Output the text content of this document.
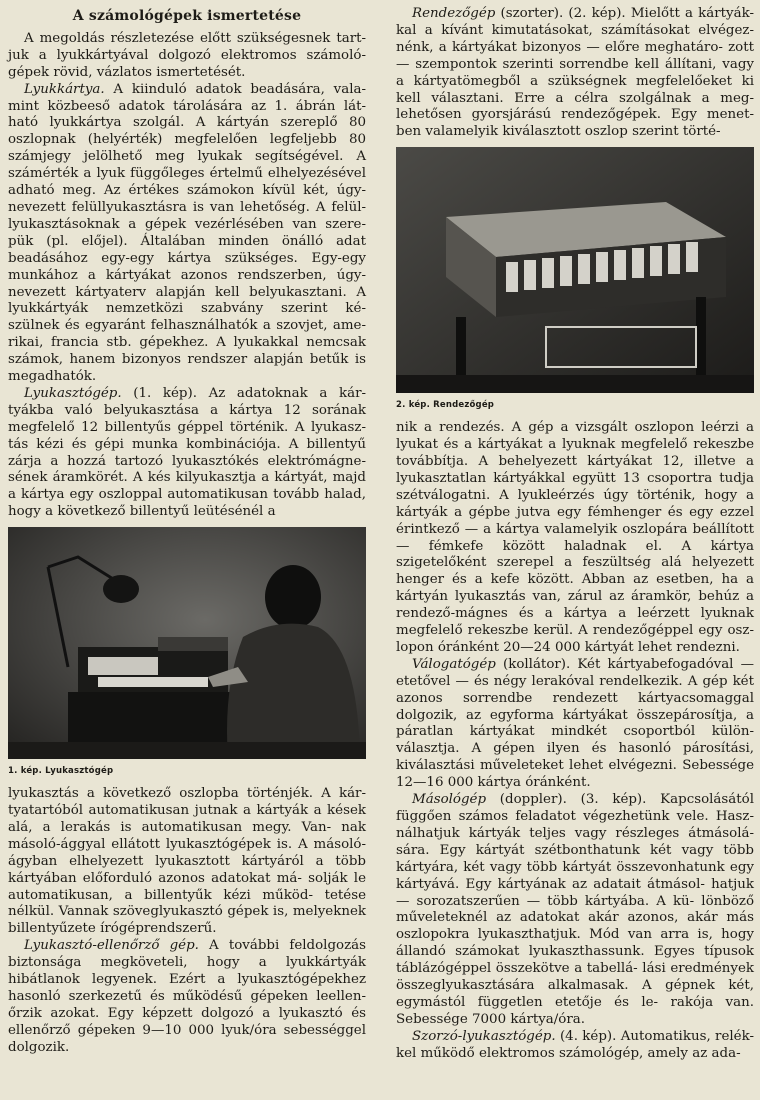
A számológépek ismertetése

A megoldás részletezése előtt szükségesnek tart- juk a lyukkártyával dolgozó elektromos számoló- gépek rövid, vázlatos ismertetését.

Lyukkártya. A kiinduló adatok beadására, vala- mint közbeeső adatok tárolására az 1. ábrán lát- ható lyukkártya szolgál. A kártyán szereplő 80 oszlopnak (helyérték) megfelelően legfeljebb 80 számjegy jelölhető meg lyukak segítségével. A számérték a lyuk függőleges értelmű elhelyezésével adható meg. Az értékes számokon kívül két, úgy- nevezett felüllyukasztásra is van lehetőség. A felül- lyukasztásoknak a gépek vezérlésében van szere- pük (pl. előjel). Általában minden önálló adat beadásához egy-egy kártya szükséges. Egy-egy munkához a kártyákat azonos rendszerben, úgy- nevezett kártyaterv alapján kell belyukasztani. A lyukkártyák nemzetközi szabvány szerint ké- szülnek és egyaránt felhasználhatók a szovjet, ame- rikai, francia stb. gépekhez. A lyukakkal nemcsak számok, hanem bizonyos rendszer alapján betűk is megadhatók.

Lyukasztógép. (1. kép). Az adatoknak a kár- tyákba való belyukasztása a kártya 12 sorának megfelelő 12 billentyűs géppel történik. A lyukasz- tás kézi és gépi munka kombinációja. A billentyű zárja a hozzá tartozó lyukasztókés elektrómágne- sének áramkörét. A kés kilyukasztja a kártyát, majd a kártya egy oszloppal automatikusan tovább halad, hogy a következő billentyű leütésénél a

1. kép. Lyukasztógép

lyukasztás a következő oszlopba történjék. A kár- tyatartóból automatikusan jutnak a kártyák a kések alá, a lerakás is automatikusan megy. Van- nak másoló-ággyal ellátott lyukasztógépek is. A másoló-ágyban elhelyezett lyukasztott kártyáról a több kártyában előforduló azonos adatokat má- solják le automatikusan, a billentyűk kézi működ- tetése nélkül. Vannak szöveglyukasztó gépek is, melyeknek billentyűzete írógéprendszerű.

Lyukasztó-ellenőrző gép. A további feldolgozás biztonsága megköveteli, hogy a lyukkártyák hibátlanok legyenek. Ezért a lyukasztógépekhez hasonló szerkezetű és működésű gépeken leellen- őrzik azokat. Egy képzett dolgozó a lyukasztó és ellenőrző gépeken 9—10 000 lyuk/óra sebességgel dolgozik.

Rendezőgép (szorter). (2. kép). Mielőtt a kártyák- kal a kívánt kimutatásokat, számításokat elvégez- nénk, a kártyákat bizonyos — előre meghatáro- zott — szempontok szerinti sorrendbe kell állítani, vagy a kártyatömegből a szükségnek megfelelőeket ki kell választani. Erre a célra szolgálnak a meg- lehetősen gyorsjárású rendezőgépek. Egy menet- ben valamelyik kiválasztott oszlop szerint törté-

2. kép. Rendezőgép

nik a rendezés. A gép a vizsgált oszlopon leérzi a lyukat és a kártyákat a lyuknak megfelelő rekeszbe továbbítja. A behelyezett kártyákat 12, illetve a lyukasztatlan kártyákkal együtt 13 csoportra tudja szétválogatni. A lyukleérzés úgy történik, hogy a kártyák a gépbe jutva egy fémhenger és egy ezzel érintkező — a kártya valamelyik oszlopára beállított — fémkefe között haladnak el. A kártya szigetelőként szerepel a feszültség alá helyezett henger és a kefe között. Abban az esetben, ha a kártyán lyukasztás van, zárul az áramkör, behúz a rendező-mágnes és a kártya a leérzett lyuknak megfelelő rekeszbe kerül. A rendezőgéppel egy osz- lopon óránként 20—24 000 kártyát lehet rendezni.

Válogatógép (kollátor). Két kártyabefogadóval — etetővel — és négy lerakóval rendelkezik. A gép két azonos sorrendbe rendezett kártyacsomaggal dolgozik, az egyforma kártyákat összepárosítja, a páratlan kártyákat mindkét csoportból külön- választja. A gépen ilyen és hasonló párosítási, kiválasztási műveleteket lehet elvégezni. Sebessége 12—16 000 kártya óránként.

Másológép (doppler). (3. kép). Kapcsolásától függően számos feladatot végezhetünk vele. Hasz- nálhatjuk kártyák teljes vagy részleges átmásolá- sára. Egy kártyát szétbonthatunk két vagy több kártyára, két vagy több kártyát összevonhatunk egy kártyává. Egy kártyának az adatait átmásol- hatjuk — sorozatszerűen — több kártyába. A kü- lönböző műveleteknél az adatokat akár azonos, akár más oszlopokra lyukaszthatjuk. Mód van arra is, hogy állandó számokat lyukaszthassunk. Egyes típusok táblázógéppel összekötve a tabellá- lási eredmények összeglyukasztására alkalmasak. A gépnek két, egymástól független etetője és le- rakója van. Sebessége 7000 kártya/óra.

Szorzó-lyukasztógép. (4. kép). Automatikus, relék- kel működő elektromos számológép, amely az ada-
